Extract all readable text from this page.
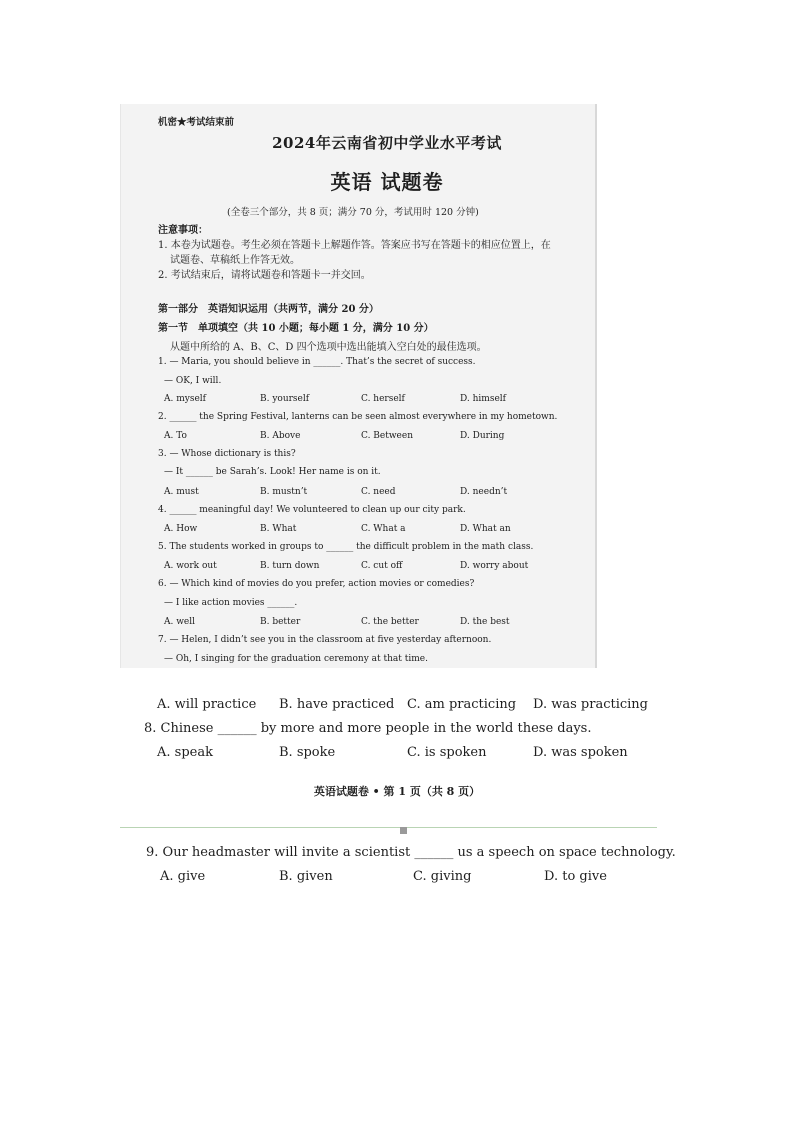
机密★考试结束前
2024年云南省初中学业水平考试
英语 试题卷
(全卷三个部分，共 8 页；满分 70 分，考试用时 120 分钟)
注意事项：
1. 本卷为试题卷。考生必须在答题卡上解题作答。答案应书写在答题卡的相应位置上，在
试题卷、草稿纸上作答无效。
2. 考试结束后，请将试题卷和答题卡一并交回。
第一部分　英语知识运用（共两节，满分 20 分）
第一节　单项填空（共 10 小题；每小题 1 分，满分 10 分）
从题中所给的 A、B、C、D 四个选项中选出能填入空白处的最佳选项。
1. — Maria, you should believe in ______. That’s the secret of success.
— OK, I will.
A. myself	B. yourself	C. herself	D. himself
2. ______ the Spring Festival, lanterns can be seen almost everywhere in my hometown.
A. To	B. Above	C. Between	D. During
3. — Whose dictionary is this?
— It ______ be Sarah’s. Look! Her name is on it.
A. must	B. mustn’t	C. need	D. needn’t
4. ______ meaningful day! We volunteered to clean up our city park.
A. How	B. What	C. What a	D. What an
5. The students worked in groups to ______ the difficult problem in the math class.
A. work out	B. turn down	C. cut off	D. worry about
6. — Which kind of movies do you prefer, action movies or comedies?
— I like action movies ______.
A. well	B. better	C. the better	D. the best
7. — Helen, I didn’t see you in the classroom at five yesterday afternoon.
— Oh, I singing for the graduation ceremony at that time.
A. will practice B. have practiced C. am practicing D. was practicing
8. Chinese ______ by more and more people in the world these days.
A. speak	B. spoke	C. is spoken	D. was spoken
英语试题卷 • 第 1 页（共 8 页）
9. Our headmaster will invite a scientist ______ us a speech on space technology.
A. give	B. given	C. giving	D. to give
